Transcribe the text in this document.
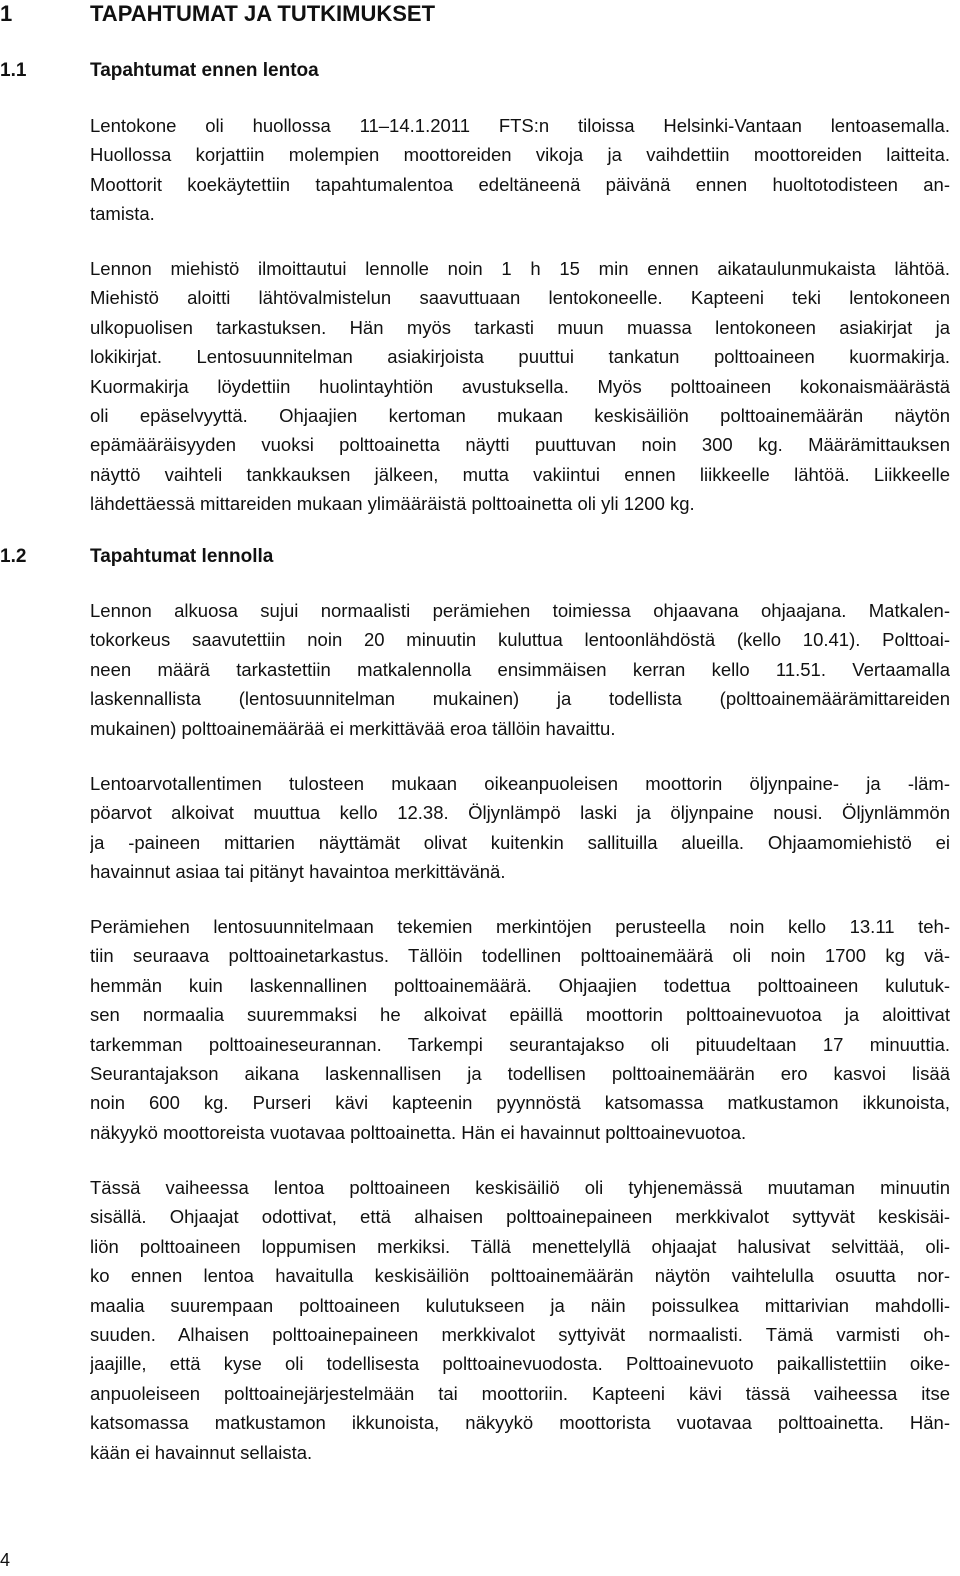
1	TAPAHTUMAT JA TUTKIMUKSET
1.1	Tapahtumat ennen lentoa
Lentokone oli huollossa 11–14.1.2011 FTS:n tiloissa Helsinki-Vantaan lentoasemalla.
Huollossa korjattiin molempien moottoreiden vikoja ja vaihdettiin moottoreiden laitteita.
Moottorit koekäytettiin tapahtumalentoa edeltäneenä päivänä ennen huoltotodisteen an-
tamista.
Lennon miehistö ilmoittautui lennolle noin 1 h 15 min ennen aikataulunmukaista lähtöä.
Miehistö aloitti lähtövalmistelun saavuttuaan lentokoneelle. Kapteeni teki lentokoneen
ulkopuolisen tarkastuksen. Hän myös tarkasti muun muassa lentokoneen asiakirjat ja
lokikirjat. Lentosuunnitelman asiakirjoista puuttui tankatun polttoaineen kuormakirja.
Kuormakirja löydettiin huolintayhtiön avustuksella. Myös polttoaineen kokonaismäärästä
oli epäselvyyttä. Ohjaajien kertoman mukaan keskisäiliön polttoainemäärän näytön
epämääräisyyden vuoksi polttoainetta näytti puuttuvan noin 300 kg. Määrämittauksen
näyttö vaihteli tankkauksen jälkeen, mutta vakiintui ennen liikkeelle lähtöä. Liikkeelle
lähdettäessä mittareiden mukaan ylimääräistä polttoainetta oli yli 1200 kg.
1.2	Tapahtumat lennolla
Lennon alkuosa sujui normaalisti perämiehen toimiessa ohjaavana ohjaajana. Matkalen-
tokorkeus saavutettiin noin 20 minuutin kuluttua lentoonlähdöstä (kello 10.41). Polttoai-
neen määrä tarkastettiin matkalennolla ensimmäisen kerran kello 11.51. Vertaamalla
laskennallista (lentosuunnitelman mukainen) ja todellista (polttoainemäärämittareiden
mukainen) polttoainemäärää ei merkittävää eroa tällöin havaittu.
Lentoarvotallentimen tulosteen mukaan oikeanpuoleisen moottorin öljynpaine- ja -läm-
pöarvot alkoivat muuttua kello 12.38. Öljynlämpö laski ja öljynpaine nousi. Öljynlämmön
ja -paineen mittarien näyttämät olivat kuitenkin sallituilla alueilla. Ohjaamomiehistö ei
havainnut asiaa tai pitänyt havaintoa merkittävänä.
Perämiehen lentosuunnitelmaan tekemien merkintöjen perusteella noin kello 13.11 teh-
tiin seuraava polttoainetarkastus. Tällöin todellinen polttoainemäärä oli noin 1700 kg vä-
hemmän kuin laskennallinen polttoainemäärä. Ohjaajien todettua polttoaineen kulutuk-
sen normaalia suuremmaksi he alkoivat epäillä moottorin polttoainevuotoa ja aloittivat
tarkemman polttoaineseurannan. Tarkempi seurantajakso oli pituudeltaan 17 minuuttia.
Seurantajakson aikana laskennallisen ja todellisen polttoainemäärän ero kasvoi lisää
noin 600 kg. Purseri kävi kapteenin pyynnöstä katsomassa matkustamon ikkunoista,
näkyykö moottoreista vuotavaa polttoainetta. Hän ei havainnut polttoainevuotoa.
Tässä vaiheessa lentoa polttoaineen keskisäiliö oli tyhjenemässä muutaman minuutin
sisällä. Ohjaajat odottivat, että alhaisen polttoainepaineen merkkivalot syttyvät keskisäi-
liön polttoaineen loppumisen merkiksi. Tällä menettelyllä ohjaajat halusivat selvittää, oli-
ko ennen lentoa havaitulla keskisäiliön polttoainemäärän näytön vaihtelulla osuutta nor-
maalia suurempaan polttoaineen kulutukseen ja näin poissulkea mittarivian mahdolli-
suuden. Alhaisen polttoainepaineen merkkivalot syttyivät normaalisti. Tämä varmisti oh-
jaajille, että kyse oli todellisesta polttoainevuodosta. Polttoainevuoto paikallistettiin oike-
anpuoleiseen polttoainejärjestelmään tai moottoriin. Kapteeni kävi tässä vaiheessa itse
katsomassa matkustamon ikkunoista, näkyykö moottorista vuotavaa polttoainetta. Hän-
kään ei havainnut sellaista.
4
